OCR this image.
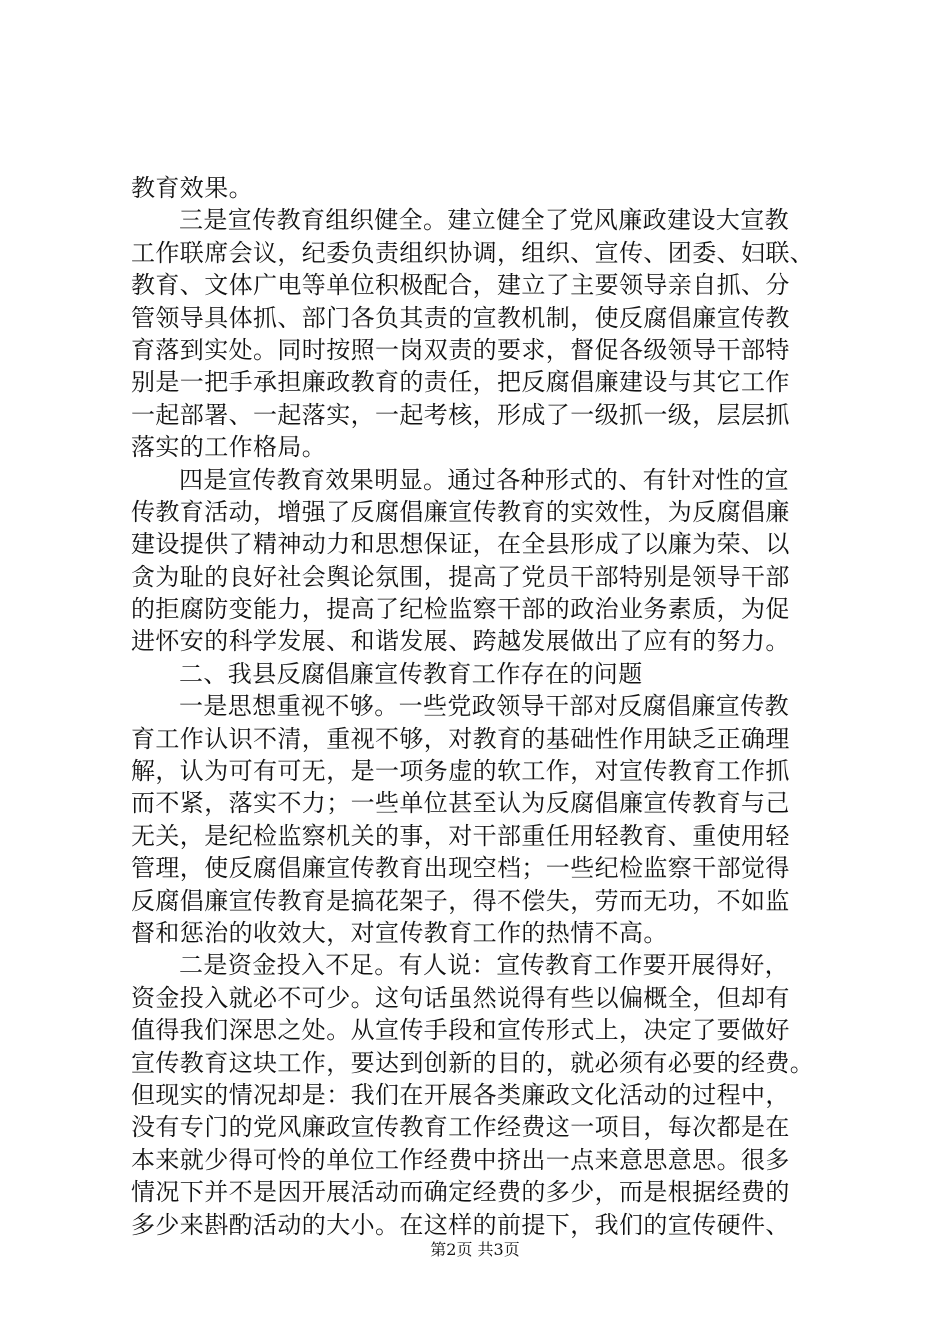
教育效果。
三是宣传教育组织健全。建立健全了党风廉政建设大宣教
工作联席会议，纪委负责组织协调，组织、宣传、团委、妇联、
教育、文体广电等单位积极配合，建立了主要领导亲自抓、分
管领导具体抓、部门各负其责的宣教机制，使反腐倡廉宣传教
育落到实处。同时按照一岗双责的要求，督促各级领导干部特
别是一把手承担廉政教育的责任，把反腐倡廉建设与其它工作
一起部署、一起落实，一起考核，形成了一级抓一级，层层抓
落实的工作格局。
四是宣传教育效果明显。通过各种形式的、有针对性的宣
传教育活动，增强了反腐倡廉宣传教育的实效性，为反腐倡廉
建设提供了精神动力和思想保证，在全县形成了以廉为荣、以
贪为耻的良好社会舆论氛围，提高了党员干部特别是领导干部
的拒腐防变能力，提高了纪检监察干部的政治业务素质，为促
进怀安的科学发展、和谐发展、跨越发展做出了应有的努力。
二、我县反腐倡廉宣传教育工作存在的问题
一是思想重视不够。一些党政领导干部对反腐倡廉宣传教
育工作认识不清，重视不够，对教育的基础性作用缺乏正确理
解，认为可有可无，是一项务虚的软工作，对宣传教育工作抓
而不紧，落实不力；一些单位甚至认为反腐倡廉宣传教育与己
无关，是纪检监察机关的事，对干部重任用轻教育、重使用轻
管理，使反腐倡廉宣传教育出现空档；一些纪检监察干部觉得
反腐倡廉宣传教育是搞花架子，得不偿失，劳而无功，不如监
督和惩治的收效大，对宣传教育工作的热情不高。
二是资金投入不足。有人说：宣传教育工作要开展得好，
资金投入就必不可少。这句话虽然说得有些以偏概全，但却有
值得我们深思之处。从宣传手段和宣传形式上，决定了要做好
宣传教育这块工作，要达到创新的目的，就必须有必要的经费。
但现实的情况却是：我们在开展各类廉政文化活动的过程中，
没有专门的党风廉政宣传教育工作经费这一项目，每次都是在
本来就少得可怜的单位工作经费中挤出一点来意思意思。很多
情况下并不是因开展活动而确定经费的多少，而是根据经费的
多少来斟酌活动的大小。在这样的前提下，我们的宣传硬件、
第2页 共3页
